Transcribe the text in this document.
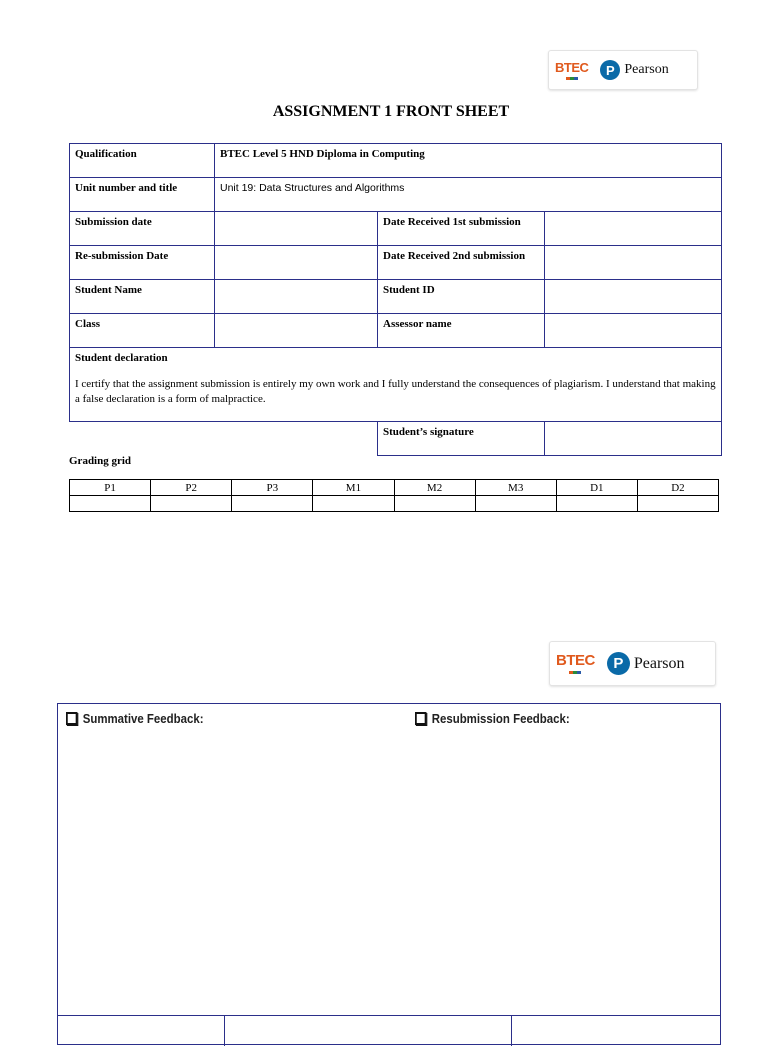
BTEC	P Pearson
ASSIGNMENT 1 FRONT SHEET
Qualification	BTEC Level 5 HND Diploma in Computing		
Unit number and title	Unit 19: Data Structures and Algorithms		
Submission date		Date Received 1st submission	
Re-submission Date		Date Received 2nd submission	
Student Name		Student ID	
Class		Assessor name	

Student declaration
I certify that the assignment submission is entirely my own work and I fully understand the consequences of plagiarism. I understand that making a false declaration is a form of malpractice.			

		Student’s signature	
Grading grid
P1	P2	P3	M1	M2	M3	D1	D2

BTEC	P Pearson
Summative Feedback:	Resubmission Feedback:
